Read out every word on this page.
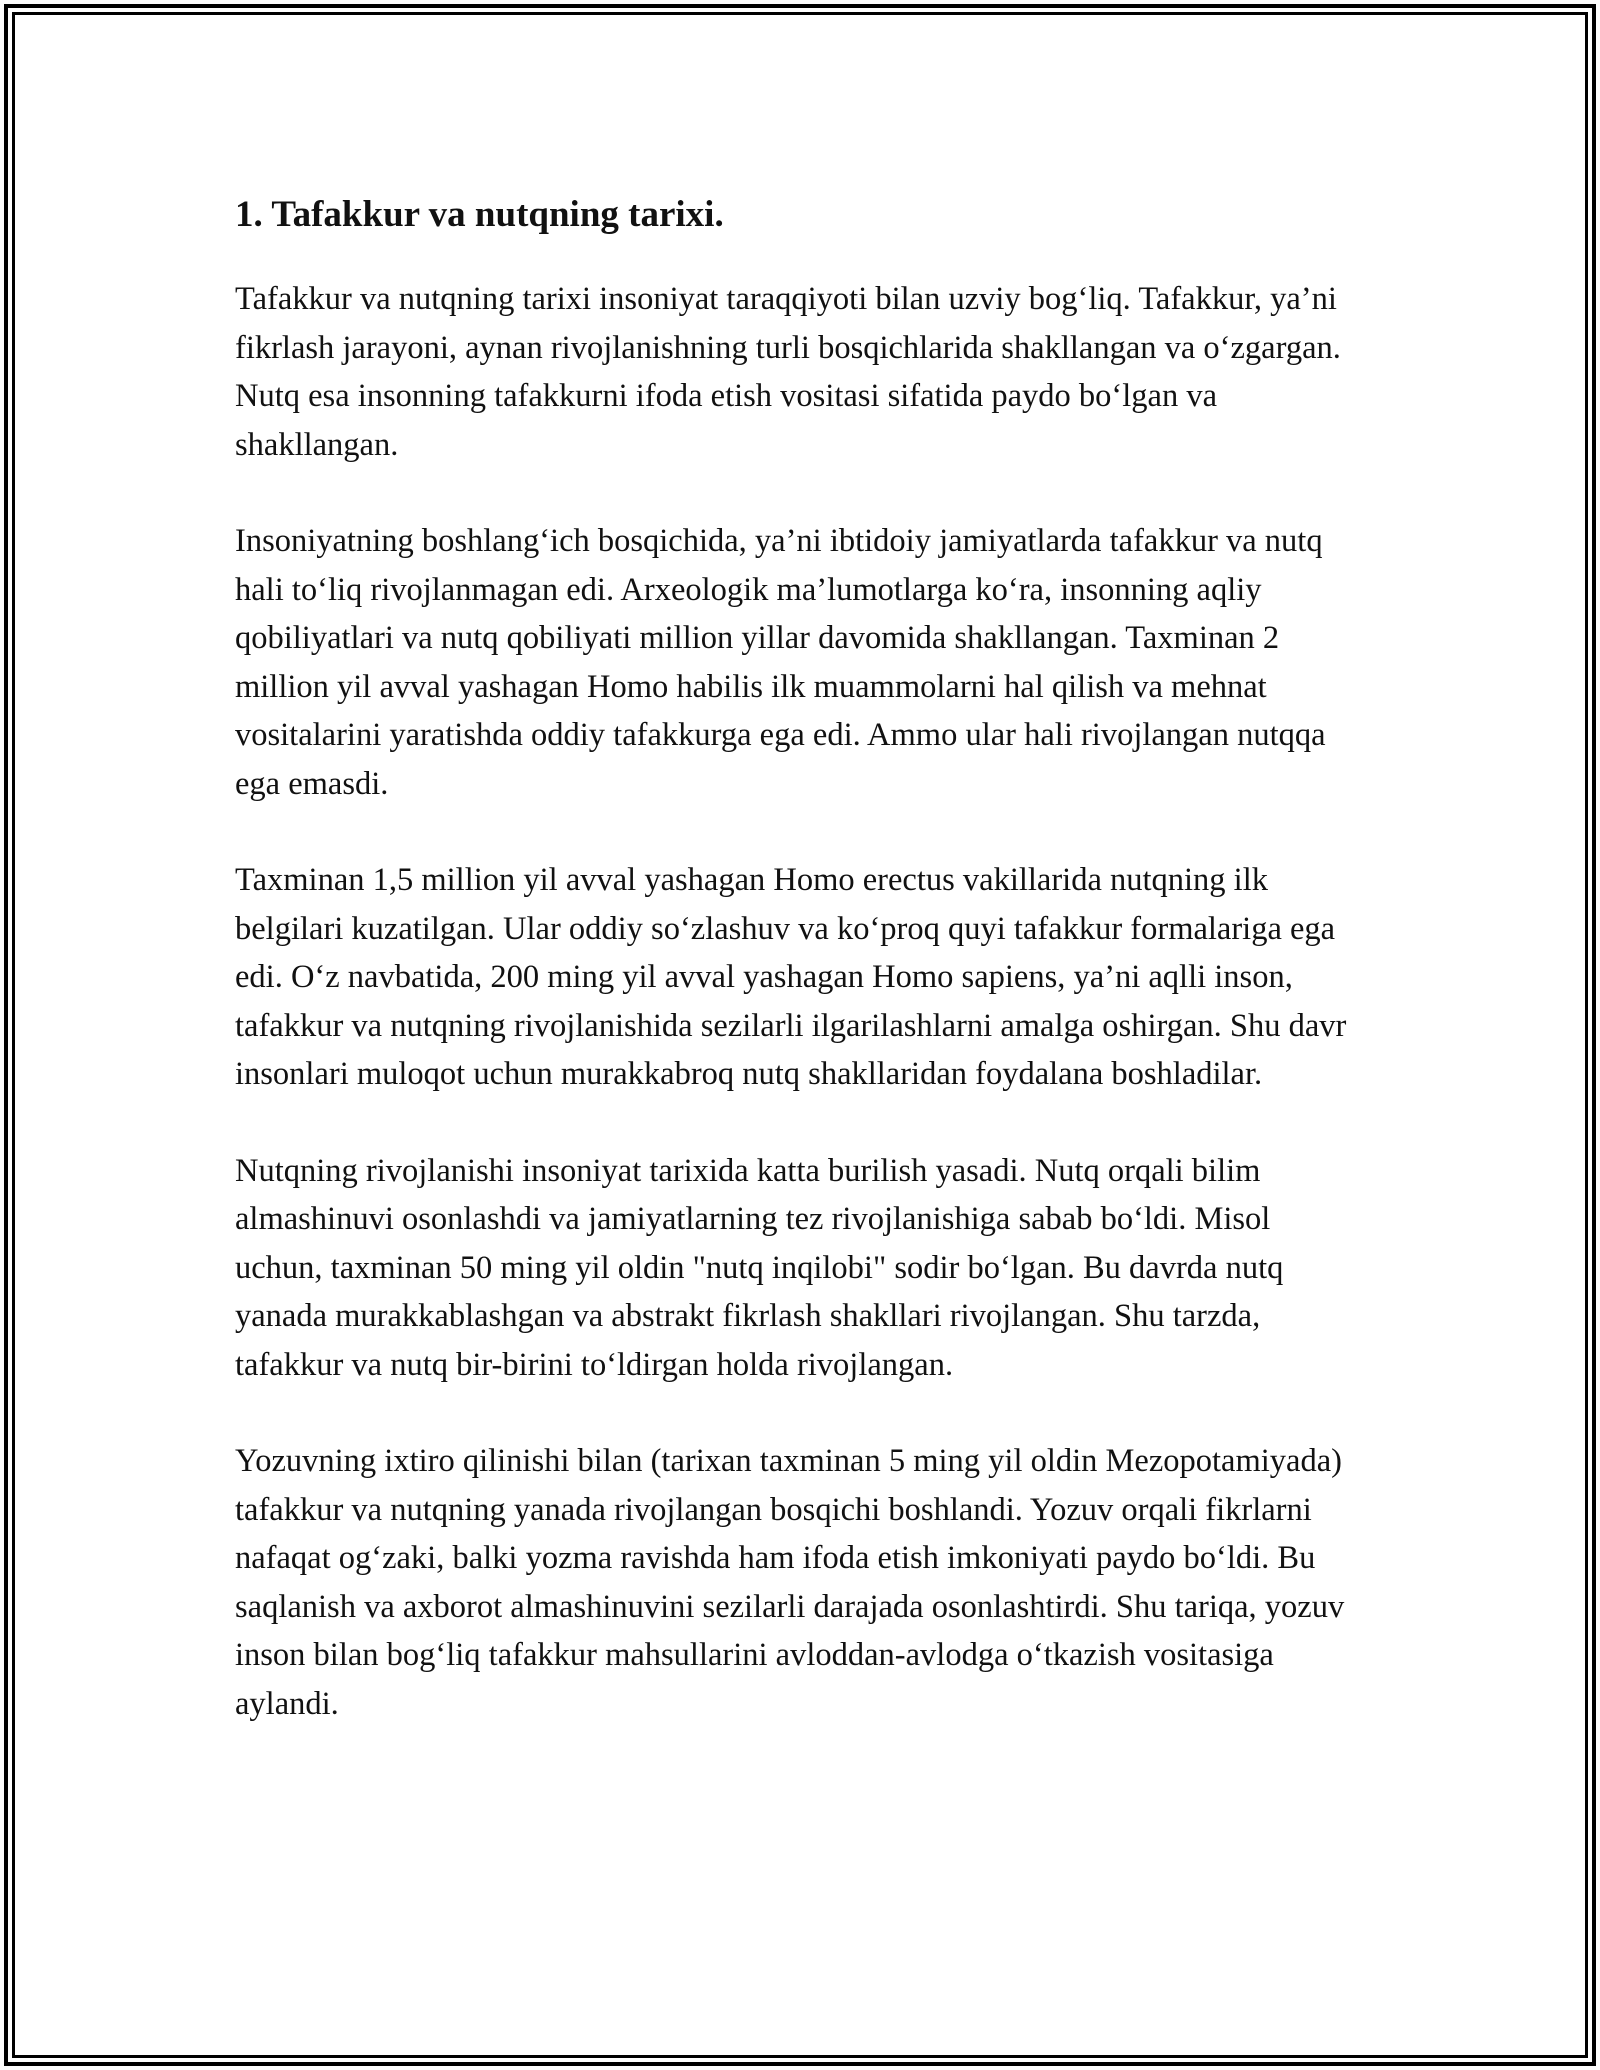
1. Tafakkur va nutqning tarixi.

Tafakkur va nutqning tarixi insoniyat taraqqiyoti bilan uzviy bog‘liq. Tafakkur, ya’ni fikrlash jarayoni, aynan rivojlanishning turli bosqichlarida shakllangan va o‘zgargan. Nutq esa insonning tafakkurni ifoda etish vositasi sifatida paydo bo‘lgan va shakllangan.

Insoniyatning boshlang‘ich bosqichida, ya’ni ibtidoiy jamiyatlarda tafakkur va nutq hali to‘liq rivojlanmagan edi. Arxeologik ma’lumotlarga ko‘ra, insonning aqliy qobiliyatlari va nutq qobiliyati million yillar davomida shakllangan. Taxminan 2 million yil avval yashagan Homo habilis ilk muammolarni hal qilish va mehnat vositalarini yaratishda oddiy tafakkurga ega edi. Ammo ular hali rivojlangan nutqqa ega emasdi.

Taxminan 1,5 million yil avval yashagan Homo erectus vakillarida nutqning ilk belgilari kuzatilgan. Ular oddiy so‘zlashuv va ko‘proq quyi tafakkur formalariga ega edi. O‘z navbatida, 200 ming yil avval yashagan Homo sapiens, ya’ni aqlli inson, tafakkur va nutqning rivojlanishida sezilarli ilgarilashlarni amalga oshirgan. Shu davr insonlari muloqot uchun murakkabroq nutq shakllaridan foydalana boshladilar.

Nutqning rivojlanishi insoniyat tarixida katta burilish yasadi. Nutq orqali bilim almashinuvi osonlashdi va jamiyatlarning tez rivojlanishiga sabab bo‘ldi. Misol uchun, taxminan 50 ming yil oldin "nutq inqilobi" sodir bo‘lgan. Bu davrda nutq yanada murakkablashgan va abstrakt fikrlash shakllari rivojlangan. Shu tarzda, tafakkur va nutq bir-birini to‘ldirgan holda rivojlangan.

Yozuvning ixtiro qilinishi bilan (tarixan taxminan 5 ming yil oldin Mezopotamiyada) tafakkur va nutqning yanada rivojlangan bosqichi boshlandi. Yozuv orqali fikrlarni nafaqat og‘zaki, balki yozma ravishda ham ifoda etish imkoniyati paydo bo‘ldi. Bu saqlanish va axborot almashinuvini sezilarli darajada osonlashtirdi. Shu tariqa, yozuv inson bilan bog‘liq tafakkur mahsullarini avloddan-avlodga o‘tkazish vositasiga aylandi.
